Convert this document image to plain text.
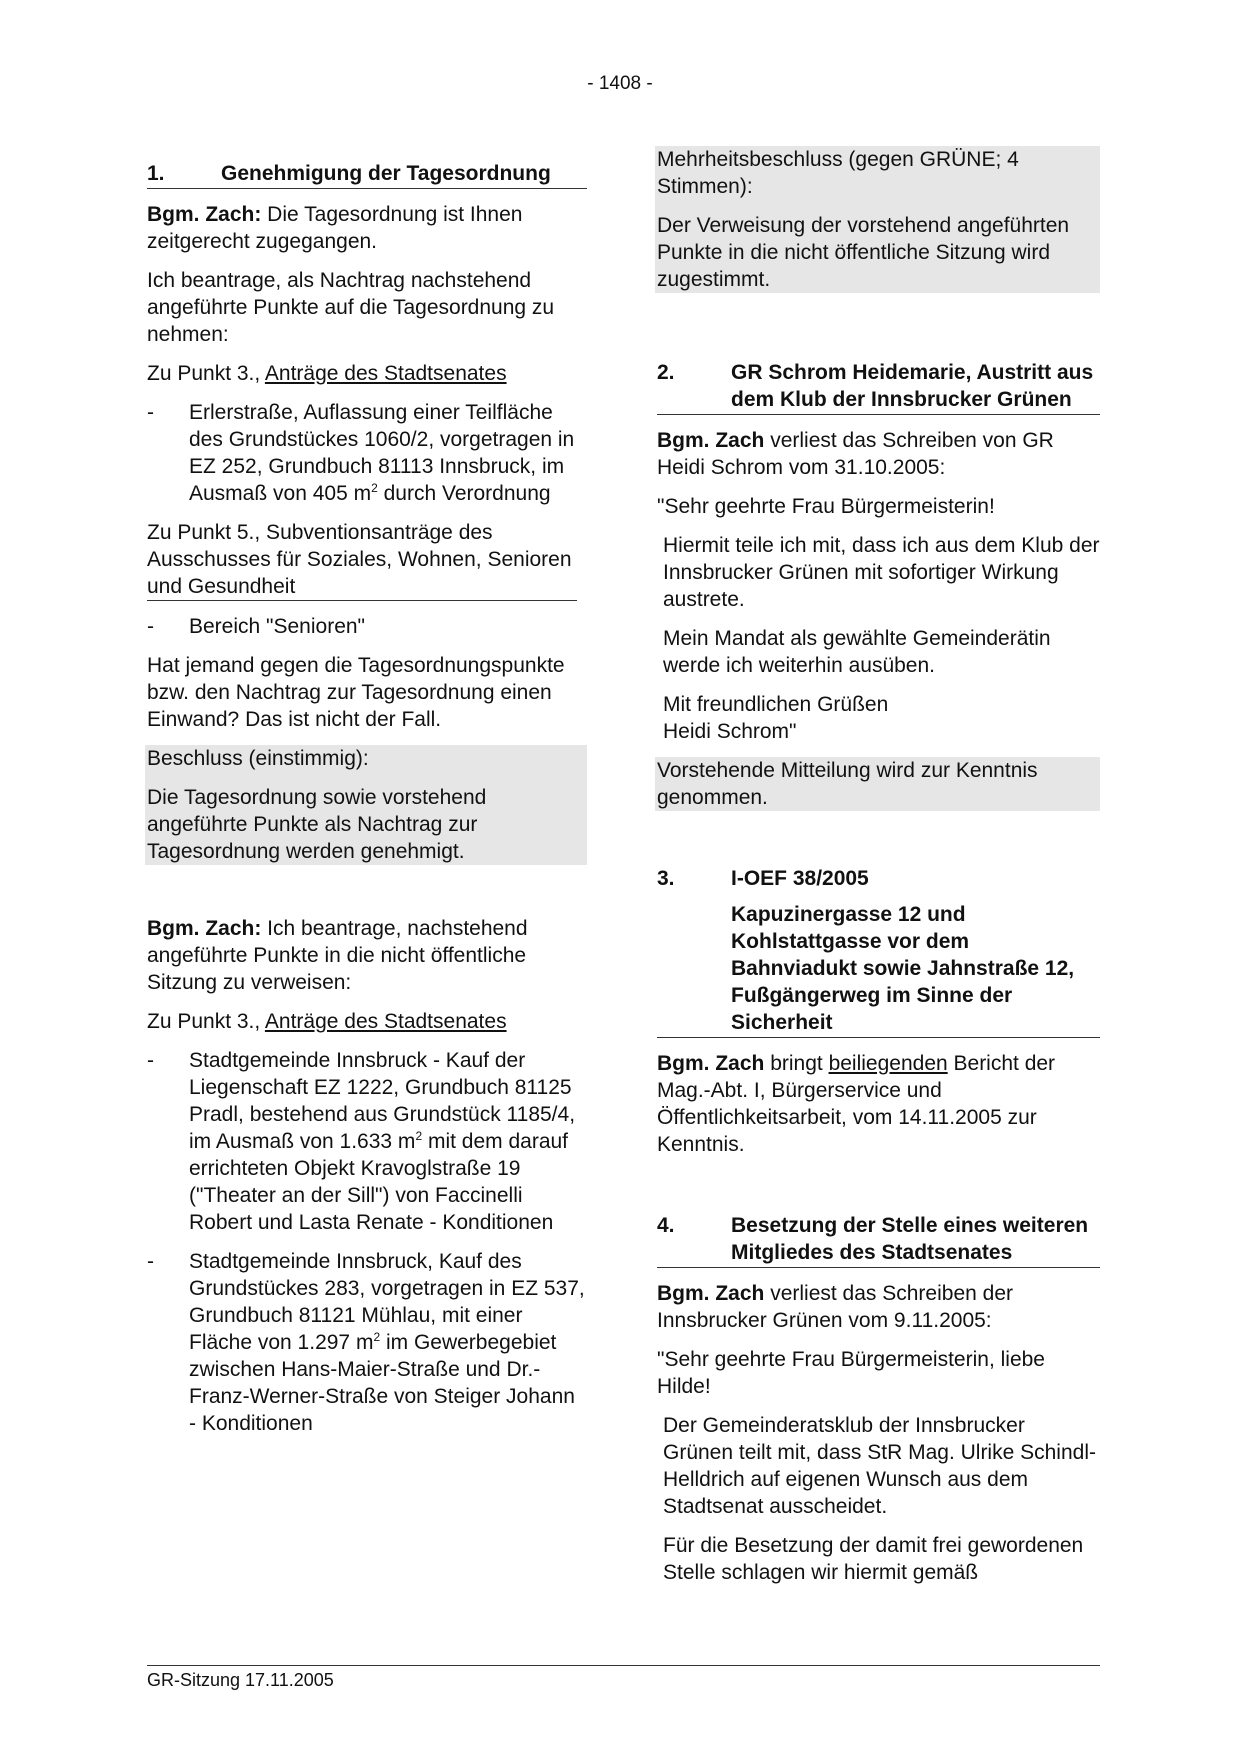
- 1408 -
1.	Genehmigung der Tagesordnung

Bgm. Zach: Die Tagesordnung ist Ihnen zeitgerecht zugegangen.

Ich beantrage, als Nachtrag nachstehend angeführte Punkte auf die Tagesordnung zu nehmen:

Zu Punkt 3., Anträge des Stadtsenates

-	Erlerstraße, Auflassung einer Teilfläche des Grundstückes 1060/2, vorgetragen in EZ 252, Grundbuch 81113 Innsbruck, im Ausmaß von 405 $m^2$ durch Verordnung

Zu Punkt 5., Subventionsanträge des Ausschusses für Soziales, Wohnen, Senioren und Gesundheit

-	Bereich "Senioren"

Hat jemand gegen die Tagesordnungspunkte bzw. den Nachtrag zur Tagesordnung einen Einwand? Das ist nicht der Fall.

Beschluss (einstimmig):

Die Tagesordnung sowie vorstehend angeführte Punkte als Nachtrag zur Tagesordnung werden genehmigt.

Bgm. Zach: Ich beantrage, nachstehend angeführte Punkte in die nicht öffentliche Sitzung zu verweisen:

Zu Punkt 3., Anträge des Stadtsenates

-	Stadtgemeinde Innsbruck - Kauf der Liegenschaft EZ 1222, Grundbuch 81125 Pradl, bestehend aus Grundstück 1185/4, im Ausmaß von 1.633 $m^2$ mit dem darauf errichteten Objekt Kravoglstraße 19 ("Theater an der Sill") von Faccinelli Robert und Lasta Renate - Konditionen
-	Stadtgemeinde Innsbruck, Kauf des Grundstückes 283, vorgetragen in EZ 537, Grundbuch 81121 Mühlau, mit einer Fläche von 1.297 $m^2$ im Gewerbegebiet zwischen Hans-Maier-Straße und Dr.-Franz-Werner-Straße von Steiger Johann - Konditionen

Mehrheitsbeschluss (gegen GRÜNE; 4 Stimmen):

Der Verweisung der vorstehend angeführten Punkte in die nicht öffentliche Sitzung wird zugestimmt.

2.	GR Schrom Heidemarie, Austritt aus dem Klub der Innsbrucker Grünen

Bgm. Zach verliest das Schreiben von GR Heidi Schrom vom 31.10.2005:

"Sehr geehrte Frau Bürgermeisterin!

Hiermit teile ich mit, dass ich aus dem Klub der Innsbrucker Grünen mit sofortiger Wirkung austrete.

Mein Mandat als gewählte Gemeinderätin werde ich weiterhin ausüben.

Mit freundlichen Grüßen
Heidi Schrom"

Vorstehende Mitteilung wird zur Kenntnis genommen.

3.	I-OEF 38/2005
Kapuzinergasse 12 und Kohlstattgasse vor dem Bahnviadukt sowie Jahnstraße 12, Fußgängerweg im Sinne der Sicherheit

Bgm. Zach bringt beiliegenden Bericht der Mag.-Abt. I, Bürgerservice und Öffentlichkeitsarbeit, vom 14.11.2005 zur Kenntnis.

4.	Besetzung der Stelle eines weiteren Mitgliedes des Stadtsenates

Bgm. Zach verliest das Schreiben der Innsbrucker Grünen vom 9.11.2005:

"Sehr geehrte Frau Bürgermeisterin, liebe Hilde!

Der Gemeinderatsklub der Innsbrucker Grünen teilt mit, dass StR Mag. Ulrike Schindl-Helldrich auf eigenen Wunsch aus dem Stadtsenat ausscheidet.

Für die Besetzung der damit frei gewordenen Stelle schlagen wir hiermit gemäß

GR-Sitzung 17.11.2005
